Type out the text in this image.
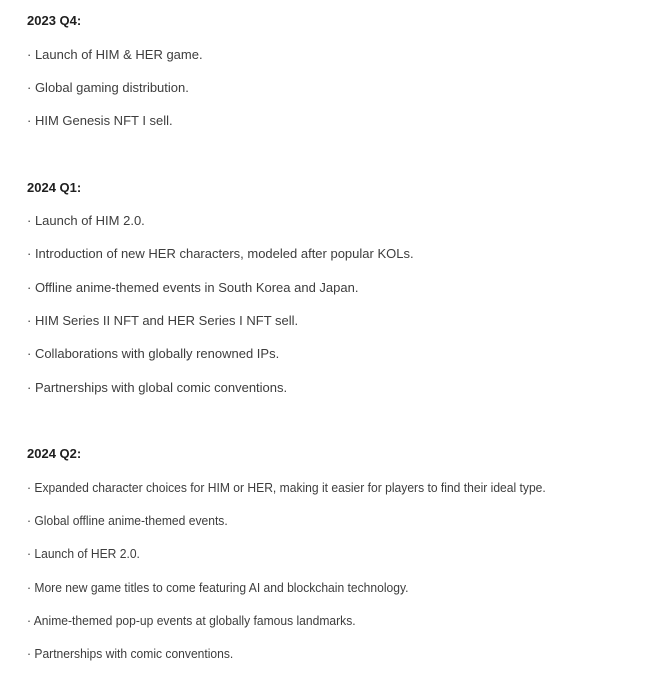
2023 Q4:
· Launch of HIM & HER game.
· Global gaming distribution.
· HIM Genesis NFT I sell.
2024 Q1:
· Launch of HIM 2.0.
· Introduction of new HER characters, modeled after popular KOLs.
· Offline anime-themed events in South Korea and Japan.
· HIM Series II NFT and HER Series I NFT sell.
· Collaborations with globally renowned IPs.
· Partnerships with global comic conventions.
2024 Q2:
· Expanded character choices for HIM or HER, making it easier for players to find their ideal type.
· Global offline anime-themed events.
· Launch of HER 2.0.
· More new game titles to come featuring AI and blockchain technology.
· Anime-themed pop-up events at globally famous landmarks.
· Partnerships with comic conventions.
